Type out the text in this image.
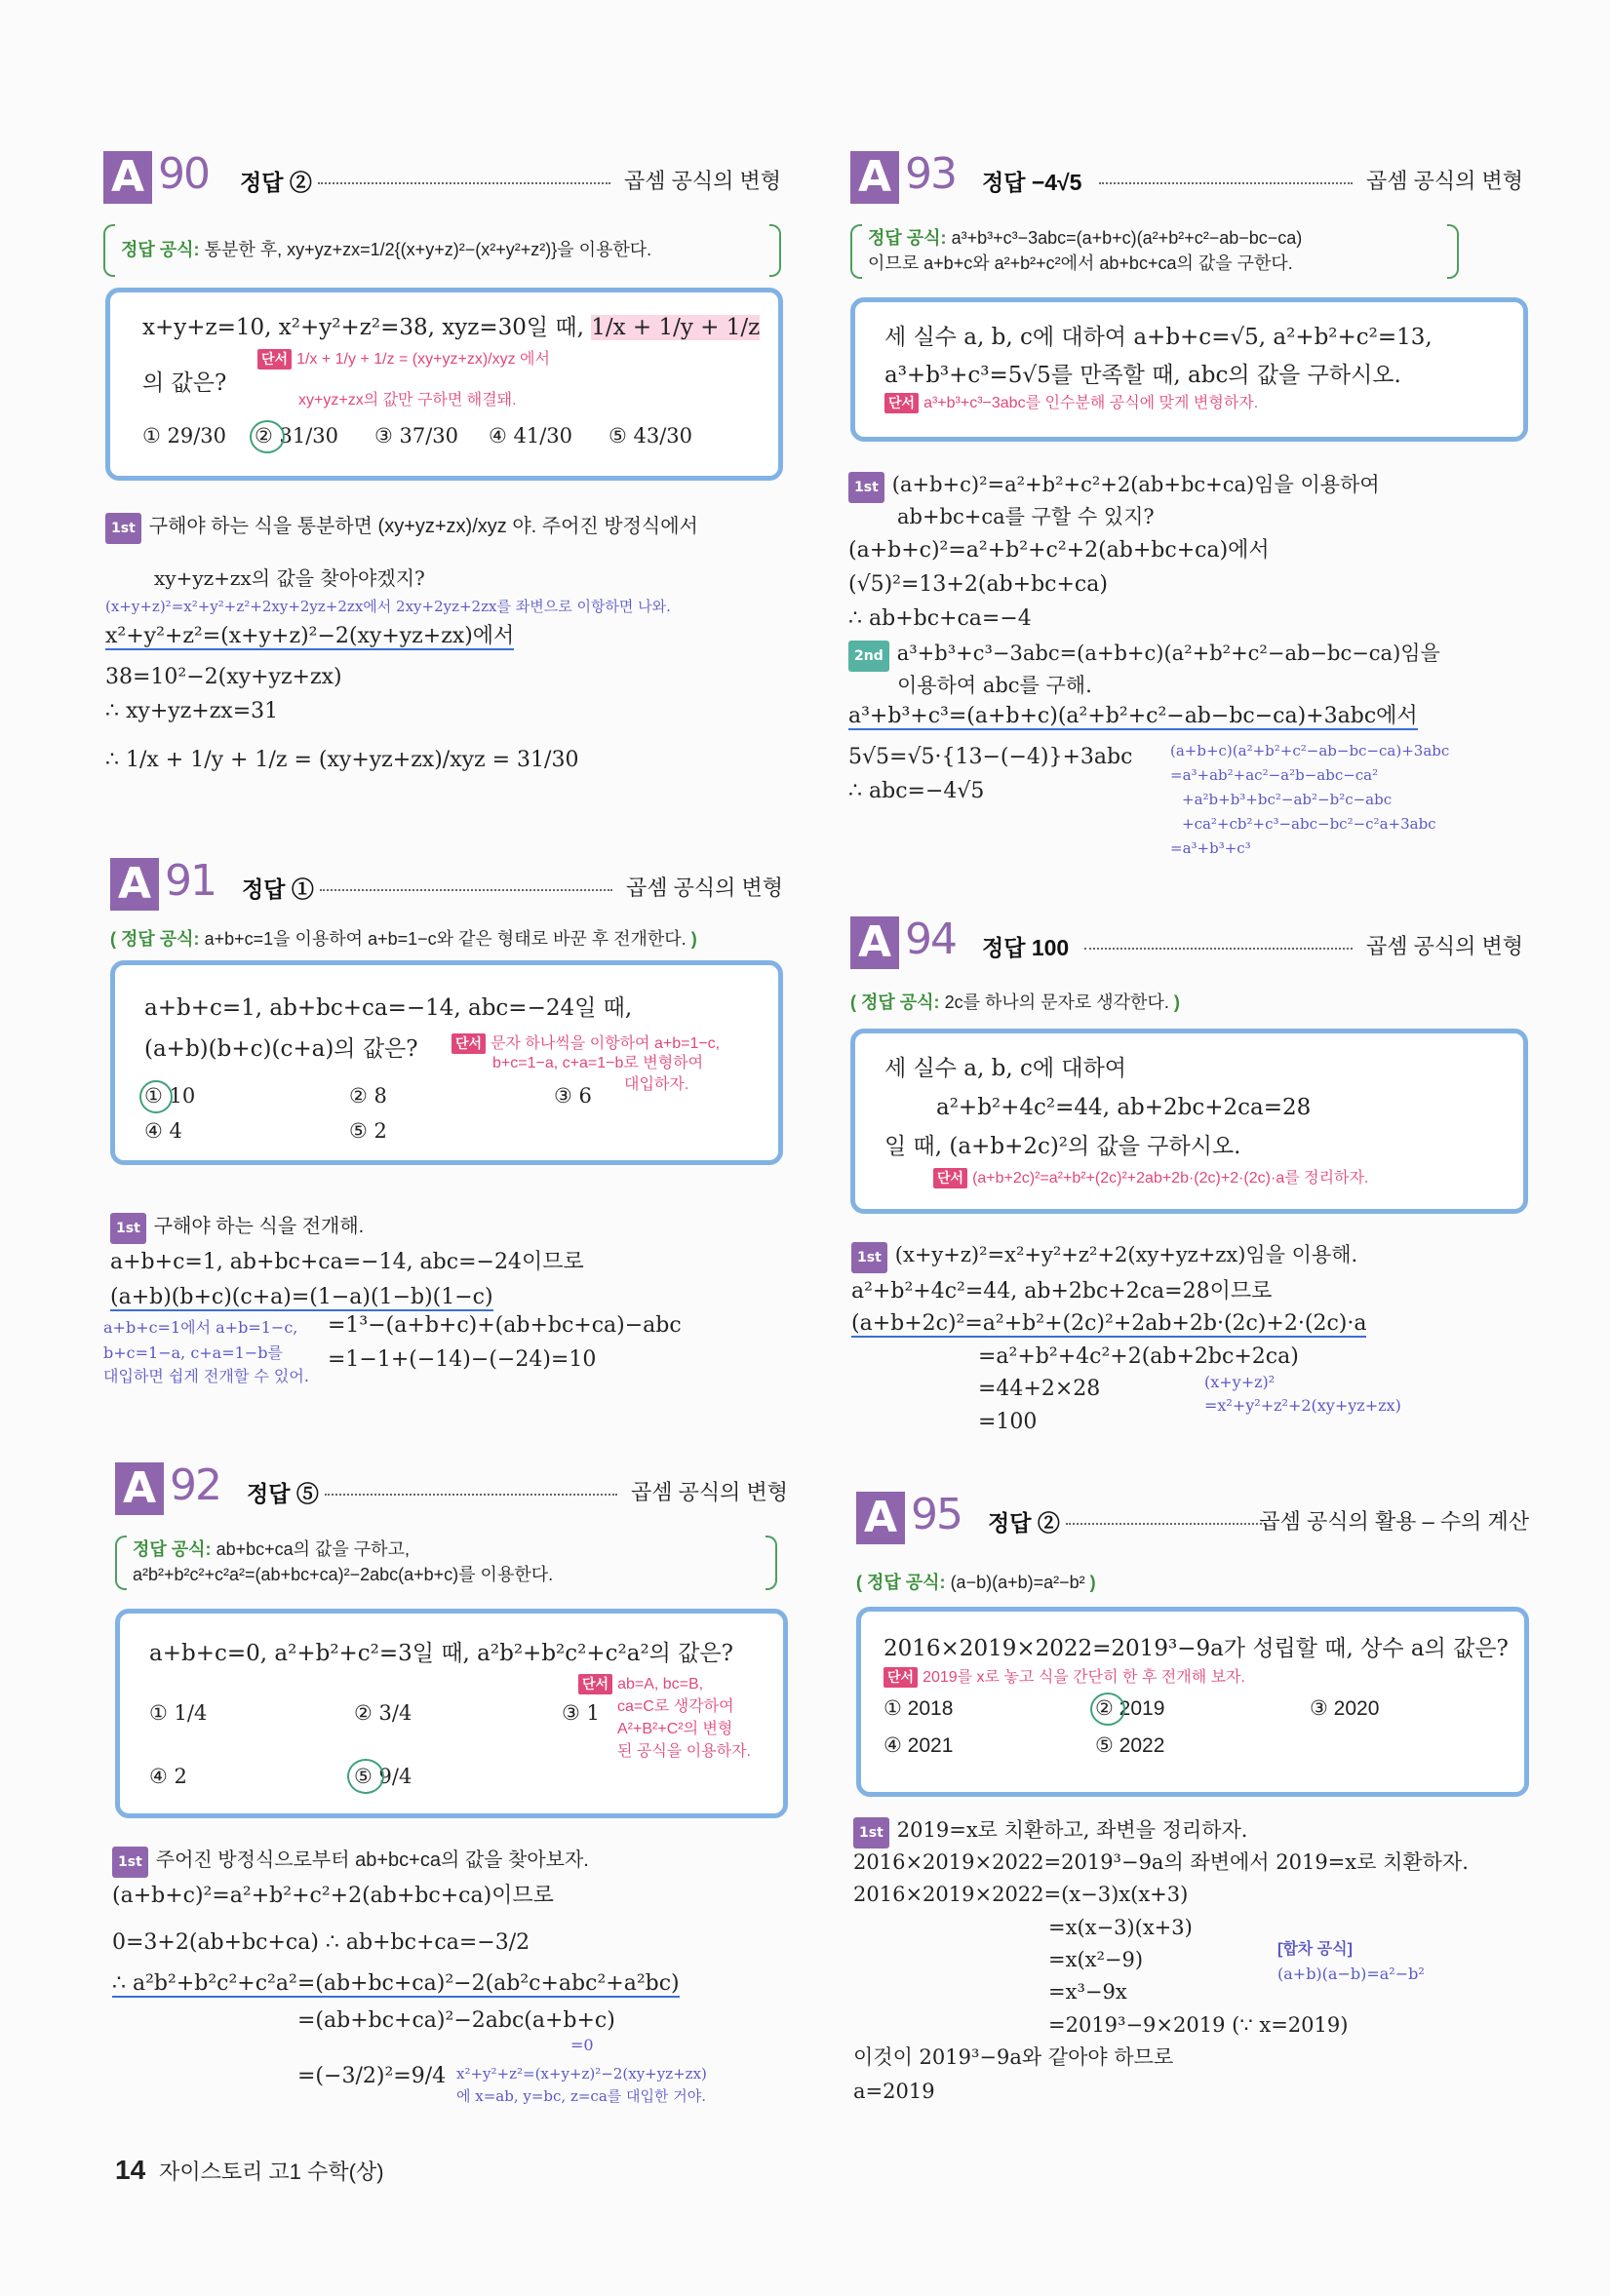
A 90 정답 ②	곱셈 공식의 변형
정답 공식: 통분한 후, xy+yz+zx=1/2{(x+y+z)²−(x²+y²+z²)}을 이용한다.
x+y+z=10, x²+y²+z²=38, xyz=30일 때, 1/x + 1/y + 1/z
의 값은?
단서 1/x + 1/y + 1/z = (xy+yz+zx)/xyz 에서
xy+yz+zx의 값만 구하면 해결돼.
① 29/30 ② 31/30 ③ 37/30 ④ 41/30 ⑤ 43/30
1st 구해야 하는 식을 통분하면 (xy+yz+zx)/xyz 야. 주어진 방정식에서
xy+yz+zx의 값을 찾아야겠지?
(x+y+z)²=x²+y²+z²+2xy+2yz+2zx에서 2xy+2yz+2zx를 좌변으로 이항하면 나와.
x²+y²+z²=(x+y+z)²−2(xy+yz+zx)에서
38=10²−2(xy+yz+zx)
∴ xy+yz+zx=31
∴ 1/x + 1/y + 1/z = (xy+yz+zx)/xyz = 31/30
A 91 정답 ①	곱셈 공식의 변형
( 정답 공식: a+b+c=1을 이용하여 a+b=1−c와 같은 형태로 바꾼 후 전개한다. )
a+b+c=1, ab+bc+ca=−14, abc=−24일 때,
(a+b)(b+c)(c+a)의 값은?	단서 문자 하나씩을 이항하여 a+b=1−c,
b+c=1−a, c+a=1−b로 변형하여
대입하자.
① 10	② 8	③ 6
④ 4	⑤ 2
1st 구해야 하는 식을 전개해.
a+b+c=1, ab+bc+ca=−14, abc=−24이므로
(a+b)(b+c)(c+a)=(1−a)(1−b)(1−c)
=1³−(a+b+c)+(ab+bc+ca)−abc
=1−1+(−14)−(−24)=10
a+b+c=1에서 a+b=1−c,
b+c=1−a, c+a=1−b를
대입하면 쉽게 전개할 수 있어.
A 92 정답 ⑤	곱셈 공식의 변형
정답 공식: ab+bc+ca의 값을 구하고,
a²b²+b²c²+c²a²=(ab+bc+ca)²−2abc(a+b+c)를 이용한다.
a+b+c=0, a²+b²+c²=3일 때, a²b²+b²c²+c²a²의 값은?
단서 ab=A, bc=B,
ca=C로 생각하여
A²+B²+C²의 변형
된 공식을 이용하자.
① 1/4	② 3/4	③ 1
④ 2	⑤ 9/4
1st 주어진 방정식으로부터 ab+bc+ca의 값을 찾아보자.
(a+b+c)²=a²+b²+c²+2(ab+bc+ca)이므로
0=3+2(ab+bc+ca) ∴ ab+bc+ca=−3/2
∴ a²b²+b²c²+c²a²=(ab+bc+ca)²−2(ab²c+abc²+a²bc)
=(ab+bc+ca)²−2abc(a+b+c)
=0
=(−3/2)²=9/4 x²+y²+z²=(x+y+z)²−2(xy+yz+zx)
에 x=ab, y=bc, z=ca를 대입한 거야.
A 93 정답 −4√5	곱셈 공식의 변형
정답 공식: a³+b³+c³−3abc=(a+b+c)(a²+b²+c²−ab−bc−ca)
이므로 a+b+c와 a²+b²+c²에서 ab+bc+ca의 값을 구한다.
세 실수 a, b, c에 대하여 a+b+c=√5, a²+b²+c²=13,
a³+b³+c³=5√5를 만족할 때, abc의 값을 구하시오.
단서 a³+b³+c³−3abc를 인수분해 공식에 맞게 변형하자.
1st (a+b+c)²=a²+b²+c²+2(ab+bc+ca)임을 이용하여
ab+bc+ca를 구할 수 있지?
(a+b+c)²=a²+b²+c²+2(ab+bc+ca)에서
(√5)²=13+2(ab+bc+ca)
∴ ab+bc+ca=−4
2nd a³+b³+c³−3abc=(a+b+c)(a²+b²+c²−ab−bc−ca)임을
이용하여 abc를 구해.
a³+b³+c³=(a+b+c)(a²+b²+c²−ab−bc−ca)+3abc에서
5√5=√5·{13−(−4)}+3abc
∴ abc=−4√5
(a+b+c)(a²+b²+c²−ab−bc−ca)+3abc
=a³+ab²+ac²−a²b−abc−ca²
+a²b+b³+bc²−ab²−b²c−abc
+ca²+cb²+c³−abc−bc²−c²a+3abc
=a³+b³+c³
A 94 정답 100	곱셈 공식의 변형
( 정답 공식: 2c를 하나의 문자로 생각한다. )
세 실수 a, b, c에 대하여
a²+b²+4c²=44, ab+2bc+2ca=28
일 때, (a+b+2c)²의 값을 구하시오.
단서 (a+b+2c)²=a²+b²+(2c)²+2ab+2b·(2c)+2·(2c)·a를 정리하자.
1st (x+y+z)²=x²+y²+z²+2(xy+yz+zx)임을 이용해.
a²+b²+4c²=44, ab+2bc+2ca=28이므로
(a+b+2c)²=a²+b²+(2c)²+2ab+2b·(2c)+2·(2c)·a
=a²+b²+4c²+2(ab+2bc+2ca)
=44+2×28
=100
(x+y+z)²
=x²+y²+z²+2(xy+yz+zx)
A 95 정답 ②	곱셈 공식의 활용 – 수의 계산
( 정답 공식: (a−b)(a+b)=a²−b² )
2016×2019×2022=2019³−9a가 성립할 때, 상수 a의 값은?
단서 2019를 x로 놓고 식을 간단히 한 후 전개해 보자.
① 2018	② 2019	③ 2020
④ 2021	⑤ 2022
1st 2019=x로 치환하고, 좌변을 정리하자.
2016×2019×2022=2019³−9a의 좌변에서 2019=x로 치환하자.
2016×2019×2022=(x−3)x(x+3)
=x(x−3)(x+3)
=x(x²−9)
=x³−9x
=2019³−9×2019 (∵ x=2019)
이것이 2019³−9a와 같아야 하므로
a=2019
[합차 공식]
(a+b)(a−b)=a²−b²
14 자이스토리 고1 수학(상)
